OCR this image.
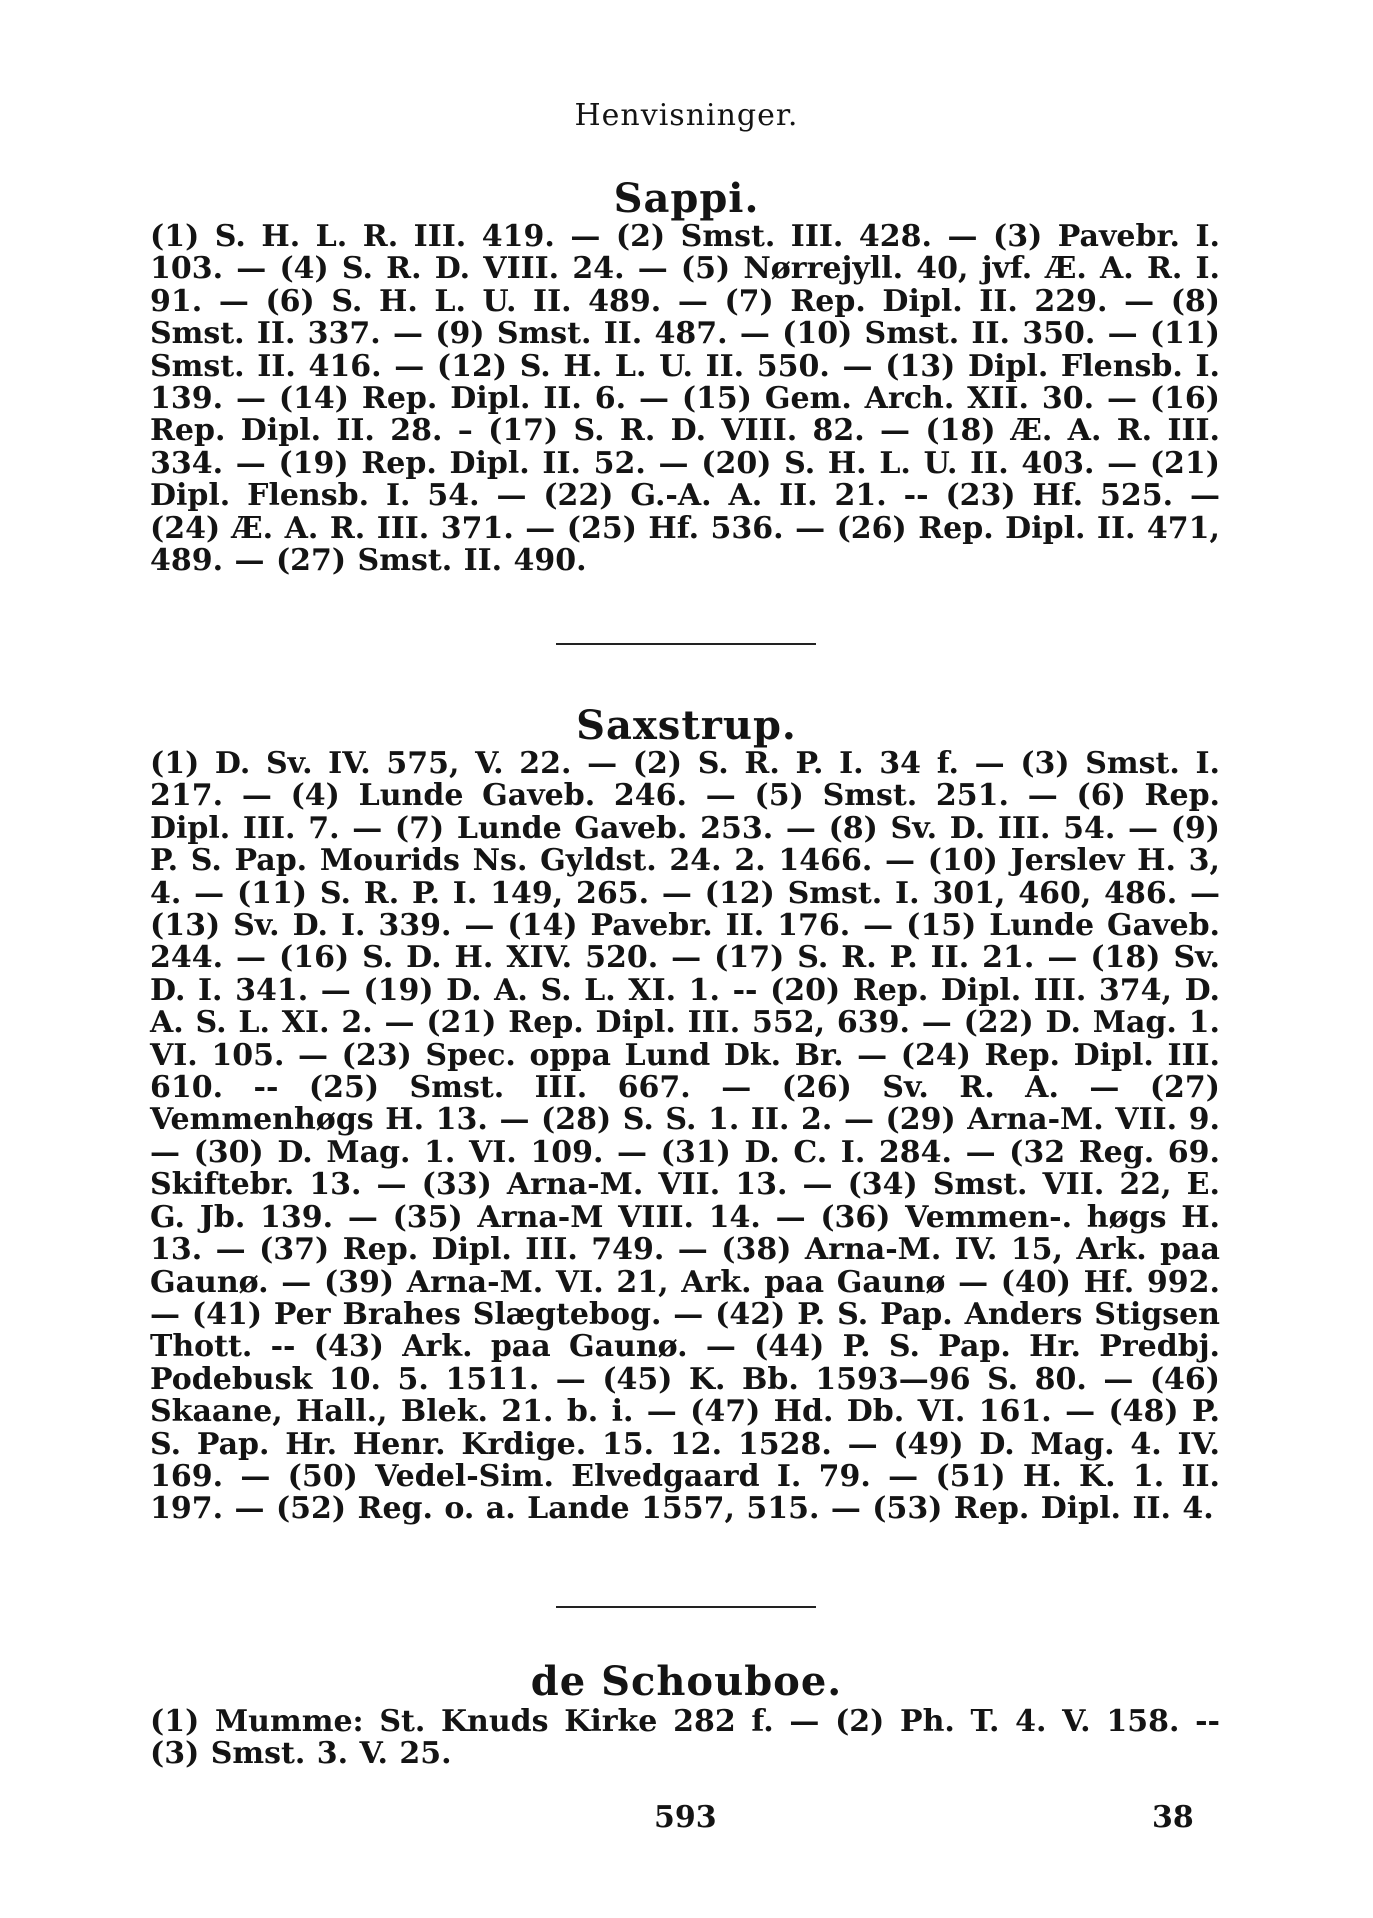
Henvisninger.
Sappi.
(1) S. H. L. R. III. 419. — (2) Smst. III. 428. — (3) Pavebr. I. 103. — (4) S. R. D. VIII. 24. — (5) Nørrejyll. 40, jvf. Æ. A. R. I. 91. — (6) S. H. L. U. II. 489. — (7) Rep. Dipl. II. 229. — (8) Smst. II. 337. — (9) Smst. II. 487. — (10) Smst. II. 350. — (11) Smst. II. 416. — (12) S. H. L. U. II. 550. — (13) Dipl. Flensb. I. 139. — (14) Rep. Dipl. II. 6. — (15) Gem. Arch. XII. 30. — (16) Rep. Dipl. II. 28. – (17) S. R. D. VIII. 82. — (18) Æ. A. R. III. 334. — (19) Rep. Dipl. II. 52. — (20) S. H. L. U. II. 403. — (21) Dipl. Flensb. I. 54. — (22) G.-A. A. II. 21. -- (23) Hf. 525. — (24) Æ. A. R. III. 371. — (25) Hf. 536. — (26) Rep. Dipl. II. 471, 489. — (27) Smst. II. 490.
Saxstrup.
(1) D. Sv. IV. 575, V. 22. — (2) S. R. P. I. 34 f. — (3) Smst. I. 217. — (4) Lunde Gaveb. 246. — (5) Smst. 251. — (6) Rep. Dipl. III. 7. — (7) Lunde Gaveb. 253. — (8) Sv. D. III. 54. — (9) P. S. Pap. Mourids Ns. Gyldst. 24. 2. 1466. — (10) Jerslev H. 3, 4. — (11) S. R. P. I. 149, 265. — (12) Smst. I. 301, 460, 486. — (13) Sv. D. I. 339. — (14) Pavebr. II. 176. — (15) Lunde Gaveb. 244. — (16) S. D. H. XIV. 520. — (17) S. R. P. II. 21. — (18) Sv. D. I. 341. — (19) D. A. S. L. XI. 1. -- (20) Rep. Dipl. III. 374, D. A. S. L. XI. 2. — (21) Rep. Dipl. III. 552, 639. — (22) D. Mag. 1. VI. 105. — (23) Spec. oppa Lund Dk. Br. — (24) Rep. Dipl. III. 610. -- (25) Smst. III. 667. — (26) Sv. R. A. — (27) Vemmenhøgs H. 13. — (28) S. S. 1. II. 2. — (29) Arna-M. VII. 9. — (30) D. Mag. 1. VI. 109. — (31) D. C. I. 284. — (32 Reg. 69. Skiftebr. 13. — (33) Arna-M. VII. 13. — (34) Smst. VII. 22, E. G. Jb. 139. — (35) Arna-M VIII. 14. — (36) Vemmen-. høgs H. 13. — (37) Rep. Dipl. III. 749. — (38) Arna-M. IV. 15, Ark. paa Gaunø. — (39) Arna-M. VI. 21, Ark. paa Gaunø — (40) Hf. 992. — (41) Per Brahes Slægtebog. — (42) P. S. Pap. Anders Stigsen Thott. -- (43) Ark. paa Gaunø. — (44) P. S. Pap. Hr. Predbj. Podebusk 10. 5. 1511. — (45) K. Bb. 1593—96 S. 80. — (46) Skaane, Hall., Blek. 21. b. i. — (47) Hd. Db. VI. 161. — (48) P. S. Pap. Hr. Henr. Krdige. 15. 12. 1528. — (49) D. Mag. 4. IV. 169. — (50) Vedel-Sim. Elvedgaard I. 79. — (51) H. K. 1. II. 197. — (52) Reg. o. a. Lande 1557, 515. — (53) Rep. Dipl. II. 4.
de Schouboe.
(1) Mumme: St. Knuds Kirke 282 f. — (2) Ph. T. 4. V. 158. -- (3) Smst. 3. V. 25.
593	38
